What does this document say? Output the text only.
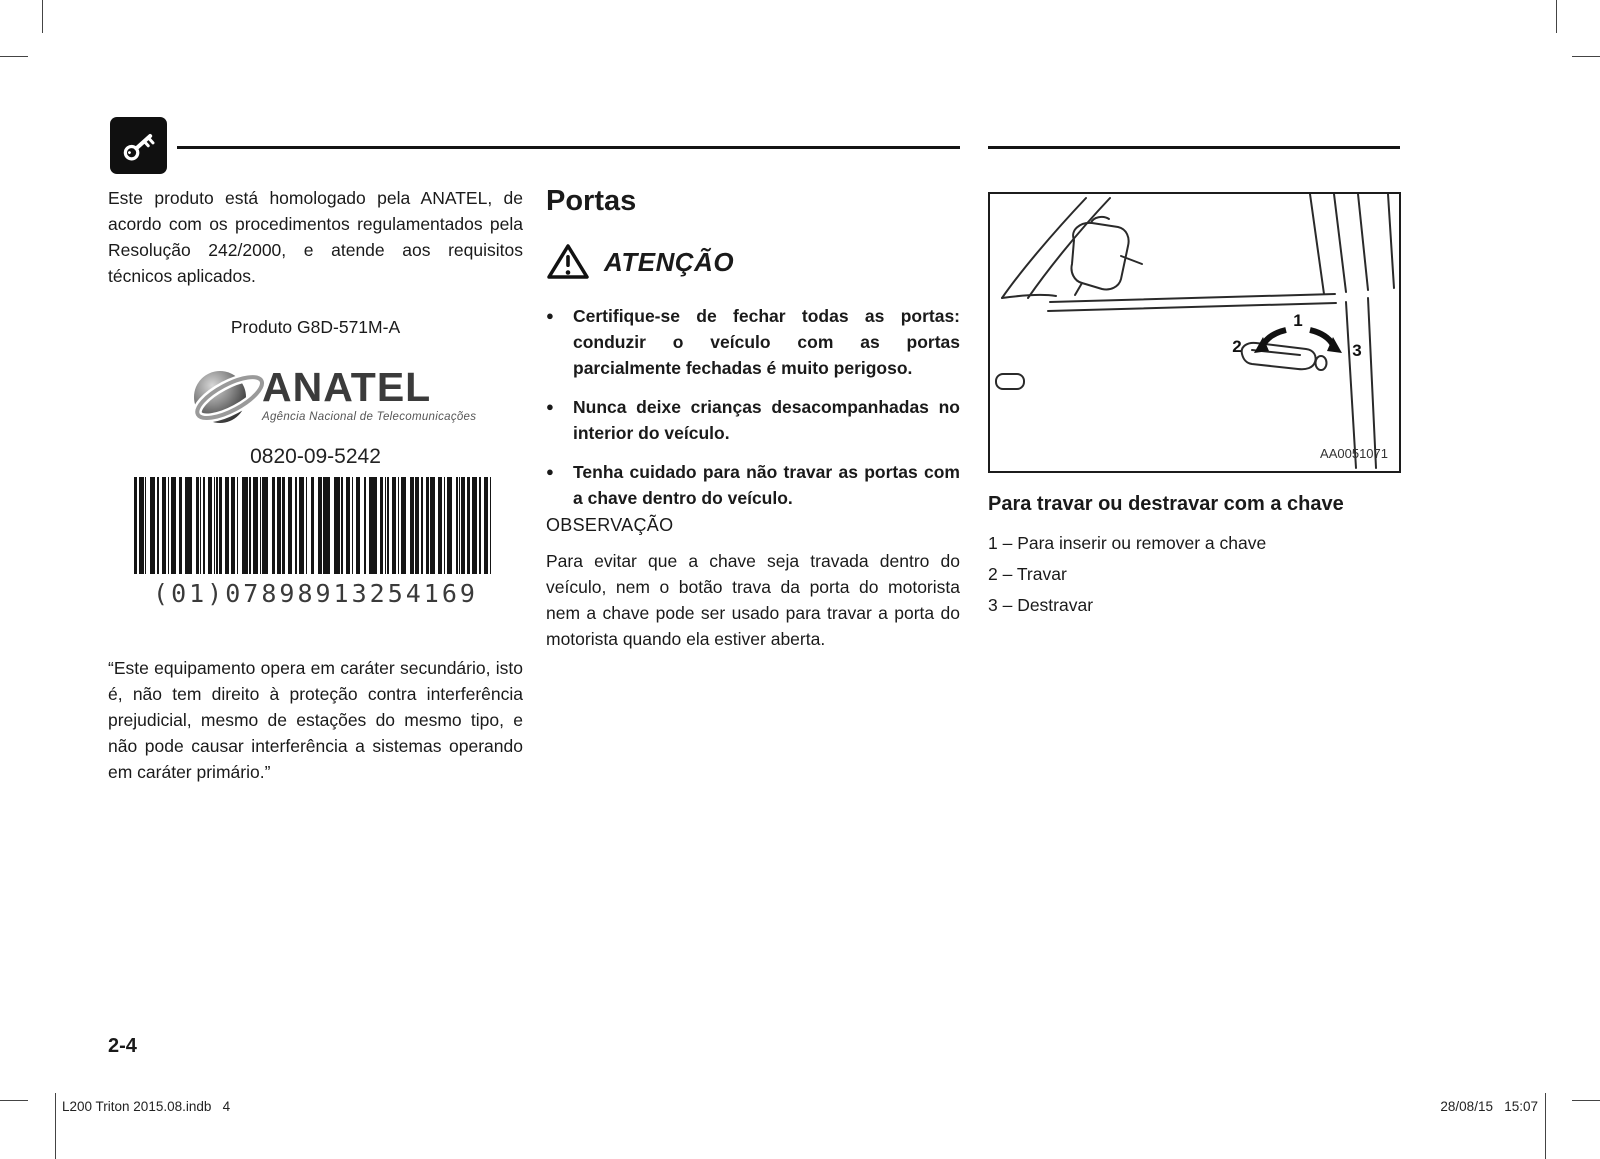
Este produto está homologado pela ANATEL, de acordo com os procedimentos regulamentados pela Resolução 242/2000, e atende aos requisitos técnicos aplicados.

Produto G8D-571M-A

ANATEL
Agência Nacional de Telecomunicações
0820-09-5242
(01)07898913254169

“Este equipamento opera em caráter secundário, isto é, não tem direito à proteção contra interferência prejudicial, mesmo de estações do mesmo tipo, e não pode causar interferência a sistemas operando em caráter primário.”

Portas
ATENÇÃO
●	Certifique-se de fechar todas as portas: conduzir o veículo com as portas parcialmente fechadas é muito perigoso.
●	Nunca deixe crianças desacompanhadas no interior do veículo.
●	Tenha cuidado para não travar as portas com a chave dentro do veículo.
OBSERVAÇÃO

Para evitar que a chave seja travada dentro do veículo, nem o botão trava da porta do motorista nem a chave pode ser usado para travar a porta do motorista quando ela estiver aberta.

1
2	3
AA0051071
Para travar ou destravar com a chave
1 – Para inserir ou remover a chave
2 – Travar
3 – Destravar
2-4
L200 Triton 2015.08.indb   4	28/08/15   15:07
